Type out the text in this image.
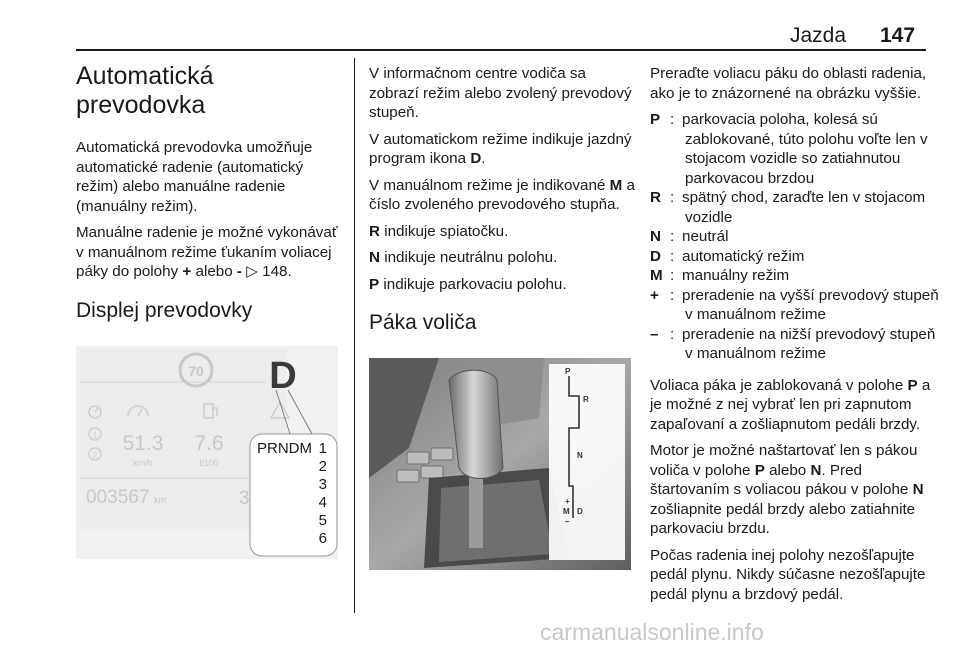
Jazda 147
Automatická prevodovka

Automatická prevodovka umožňuje automatické radenie (automatický režim) alebo manuálne radenie (manuálny režim).

Manuálne radenie je možné vykonávať v manuálnom režime ťukaním voliacej páky do polohy + alebo - ▷ 148.

Displej prevodovky
70 D
1
2
51.3
km/h
7.6
l/100
003567 km	3
PRNDM 1
2
3
4
5
6

V informačnom centre vodiča sa zobrazí režim alebo zvolený prevodový stupeň.

V automatickom režime indikuje jazdný program ikona D.

V manuálnom režime je indikované M a číslo zvoleného prevodového stupňa.

R indikuje spiatočku.

N indikuje neutrálnu polohu.

P indikuje parkovaciu polohu.

Páka voliča
P
R
N
+
M D
–

Preraďte voliacu páku do oblasti radenia, ako je to znázornené na obrázku vyššie.

P : parkovacia poloha, kolesá sú zablokované, túto polohu voľte len v stojacom vozidle so zatiahnutou parkovacou brzdou
R : spätný chod, zaraďte len v stojacom vozidle
N : neutrál
D : automatický režim
M : manuálny režim
+ : preradenie na vyšší prevodový stupeň v manuálnom režime
– : preradenie na nižší prevodový stupeň v manuálnom režime

Voliaca páka je zablokovaná v polohe P a je možné z nej vybrať len pri zapnutom zapaľovaní a zošliapnutom pedáli brzdy.

Motor je možné naštartovať len s pákou voliča v polohe P alebo N. Pred štartovaním s voliacou pákou v polohe N zošliapnite pedál brzdy alebo zatiahnite parkovaciu brzdu.

Počas radenia inej polohy nezošľapujte pedál plynu. Nikdy súčasne nezošľapujte pedál plynu a brzdový pedál.

carmanualsonline.info
